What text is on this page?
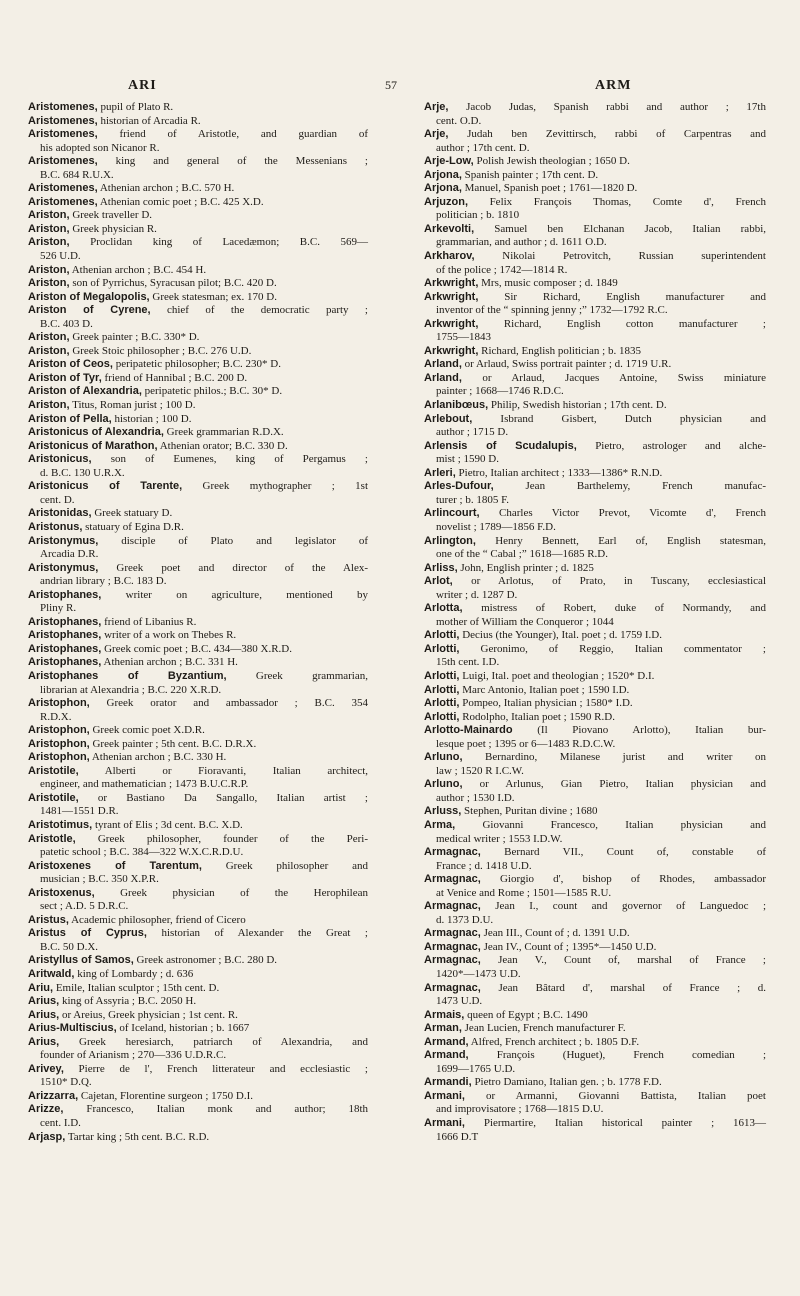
ARI	57	ARM

Aristomenes, pupil of Plato R.

Aristomenes, historian of Arcadia R.

Aristomenes, friend of Aristotle, and guardian of

his adopted son Nicanor R.

Aristomenes, king and general of the Messenians ;

B.C. 684 R.U.X.

Aristomenes, Athenian archon ; B.C. 570 H.

Aristomenes, Athenian comic poet ; B.C. 425 X.D.

Ariston, Greek traveller D.

Ariston, Greek physician R.

Ariston, Proclidan king of Lacedæmon; B.C. 569—

526 U.D.

Ariston, Athenian archon ; B.C. 454 H.

Ariston, son of Pyrrichus, Syracusan pilot; B.C. 420 D.

Ariston of Megalopolis, Greek statesman; ex. 170 D.

Ariston of Cyrene, chief of the democratic party ;

B.C. 403 D.

Ariston, Greek painter ; B.C. 330* D.

Ariston, Greek Stoic philosopher ; B.C. 276 U.D.

Ariston of Ceos, peripatetic philosopher; B.C. 230* D.

Ariston of Tyr, friend of Hannibal ; B.C. 200 D.

Ariston of Alexandria, peripatetic philos.; B.C. 30* D.

Ariston, Titus, Roman jurist ; 100 D.

Ariston of Pella, historian ; 100 D.

Aristonicus of Alexandria, Greek grammarian R.D.X.

Aristonicus of Marathon, Athenian orator; B.C. 330 D.

Aristonicus, son of Eumenes, king of Pergamus ;

d. B.C. 130 U.R.X.

Aristonicus of Tarente, Greek mythographer ; 1st

cent. D.

Aristonidas, Greek statuary D.

Aristonus, statuary of Egina D.R.

Aristonymus, disciple of Plato and legislator of

Arcadia D.R.

Aristonymus, Greek poet and director of the Alex-

andrian library ; B.C. 183 D.

Aristophanes, writer on agriculture, mentioned by

Pliny R.

Aristophanes, friend of Libanius R.

Aristophanes, writer of a work on Thebes R.

Aristophanes, Greek comic poet ; B.C. 434—380 X.R.D.

Aristophanes, Athenian archon ; B.C. 331 H.

Aristophanes of Byzantium, Greek grammarian,

librarian at Alexandria ; B.C. 220 X.R.D.

Aristophon, Greek orator and ambassador ; B.C. 354

R.D.X.

Aristophon, Greek comic poet X.D.R.

Aristophon, Greek painter ; 5th cent. B.C. D.R.X.

Aristophon, Athenian archon ; B.C. 330 H.

Aristotile, Alberti or Fioravanti, Italian architect,

engineer, and mathematician ; 1473 B.U.C.R.P.

Aristotile, or Bastiano Da Sangallo, Italian artist ;

1481—1551 D.R.

Aristotimus, tyrant of Elis ; 3d cent. B.C. X.D.

Aristotle, Greek philosopher, founder of the Peri-

patetic school ; B.C. 384—322 W.X.C.R.D.U.

Aristoxenes of Tarentum, Greek philosopher and

musician ; B.C. 350 X.P.R.

Aristoxenus, Greek physician of the Herophilean

sect ; A.D. 5 D.R.C.

Aristus, Academic philosopher, friend of Cicero

Aristus of Cyprus, historian of Alexander the Great ;

B.C. 50 D.X.

Aristyllus of Samos, Greek astronomer ; B.C. 280 D.

Aritwald, king of Lombardy ; d. 636

Ariu, Emile, Italian sculptor ; 15th cent. D.

Arius, king of Assyria ; B.C. 2050 H.

Arius, or Areius, Greek physician ; 1st cent. R.

Arius-Multiscius, of Iceland, historian ; b. 1667

Arius, Greek heresiarch, patriarch of Alexandria, and

founder of Arianism ; 270—336 U.D.R.C.

Arivey, Pierre de l', French litterateur and ecclesiastic ;

1510* D.Q.

Arizzarra, Cajetan, Florentine surgeon ; 1750 D.I.

Arizze, Francesco, Italian monk and author; 18th

cent. I.D.

Arjasp, Tartar king ; 5th cent. B.C. R.D.

Arje, Jacob Judas, Spanish rabbi and author ; 17th

cent. O.D.

Arje, Judah ben Zevittirsch, rabbi of Carpentras and

author ; 17th cent. D.

Arje-Low, Polish Jewish theologian ; 1650 D.

Arjona, Spanish painter ; 17th cent. D.

Arjona, Manuel, Spanish poet ; 1761—1820 D.

Arjuzon, Felix François Thomas, Comte d', French

politician ; b. 1810

Arkevolti, Samuel ben Elchanan Jacob, Italian rabbi,

grammarian, and author ; d. 1611 O.D.

Arkharov, Nikolai Petrovitch, Russian superintendent

of the police ; 1742—1814 R.

Arkwright, Mrs, music composer ; d. 1849

Arkwright, Sir Richard, English manufacturer and

inventor of the “ spinning jenny ;” 1732—1792 R.C.

Arkwright, Richard, English cotton manufacturer ;

1755—1843

Arkwright, Richard, English politician ; b. 1835

Arland, or Arlaud, Swiss portrait painter ; d. 1719 U.R.

Arland, or Arlaud, Jacques Antoine, Swiss miniature

painter ; 1668—1746 R.D.C.

Arlanibœus, Philip, Swedish historian ; 17th cent. D.

Arlebout, Isbrand Gisbert, Dutch physician and

author ; 1715 D.

Arlensis of Scudalupis, Pietro, astrologer and alche-

mist ; 1590 D.

Arleri, Pietro, Italian architect ; 1333—1386* R.N.D.

Arles-Dufour, Jean Barthelemy, French manufac-

turer ; b. 1805 F.

Arlincourt, Charles Victor Prevot, Vicomte d', French

novelist ; 1789—1856 F.D.

Arlington, Henry Bennett, Earl of, English statesman,

one of the “ Cabal ;” 1618—1685 R.D.

Arliss, John, English printer ; d. 1825

Arlot, or Arlotus, of Prato, in Tuscany, ecclesiastical

writer ; d. 1287 D.

Arlotta, mistress of Robert, duke of Normandy, and

mother of William the Conqueror ; 1044

Arlotti, Decius (the Younger), Ital. poet ; d. 1759 I.D.

Arlotti, Geronimo, of Reggio, Italian commentator ;

15th cent. I.D.

Arlotti, Luigi, Ital. poet and theologian ; 1520* D.I.

Arlotti, Marc Antonio, Italian poet ; 1590 I.D.

Arlotti, Pompeo, Italian physician ; 1580* I.D.

Arlotti, Rodolpho, Italian poet ; 1590 R.D.

Arlotto-Mainardo (Il Piovano Arlotto), Italian bur-

lesque poet ; 1395 or 6—1483 R.D.C.W.

Arluno, Bernardino, Milanese jurist and writer on

law ; 1520 R I.C.W.

Arluno, or Arlunus, Gian Pietro, Italian physician and

author ; 1530 I.D.

Arluss, Stephen, Puritan divine ; 1680

Arma, Giovanni Francesco, Italian physician and

medical writer ; 1553 I.D.W.

Armagnac, Bernard VII., Count of, constable of

France ; d. 1418 U.D.

Armagnac, Giorgio d', bishop of Rhodes, ambassador

at Venice and Rome ; 1501—1585 R.U.

Armagnac, Jean I., count and governor of Languedoc ;

d. 1373 D.U.

Armagnac, Jean III., Count of ; d. 1391 U.D.

Armagnac, Jean IV., Count of ; 1395*—1450 U.D.

Armagnac, Jean V., Count of, marshal of France ;

1420*—1473 U.D.

Armagnac, Jean Bâtard d', marshal of France ; d.

1473 U.D.

Armais, queen of Egypt ; B.C. 1490

Arman, Jean Lucien, French manufacturer F.

Armand, Alfred, French architect ; b. 1805 D.F.

Armand, François (Huguet), French comedian ;

1699—1765 U.D.

Armandi, Pietro Damiano, Italian gen. ; b. 1778 F.D.

Armani, or Armanni, Giovanni Battista, Italian poet

and improvisatore ; 1768—1815 D.U.

Armani, Piermartire, Italian historical painter ; 1613—

1666 D.T
